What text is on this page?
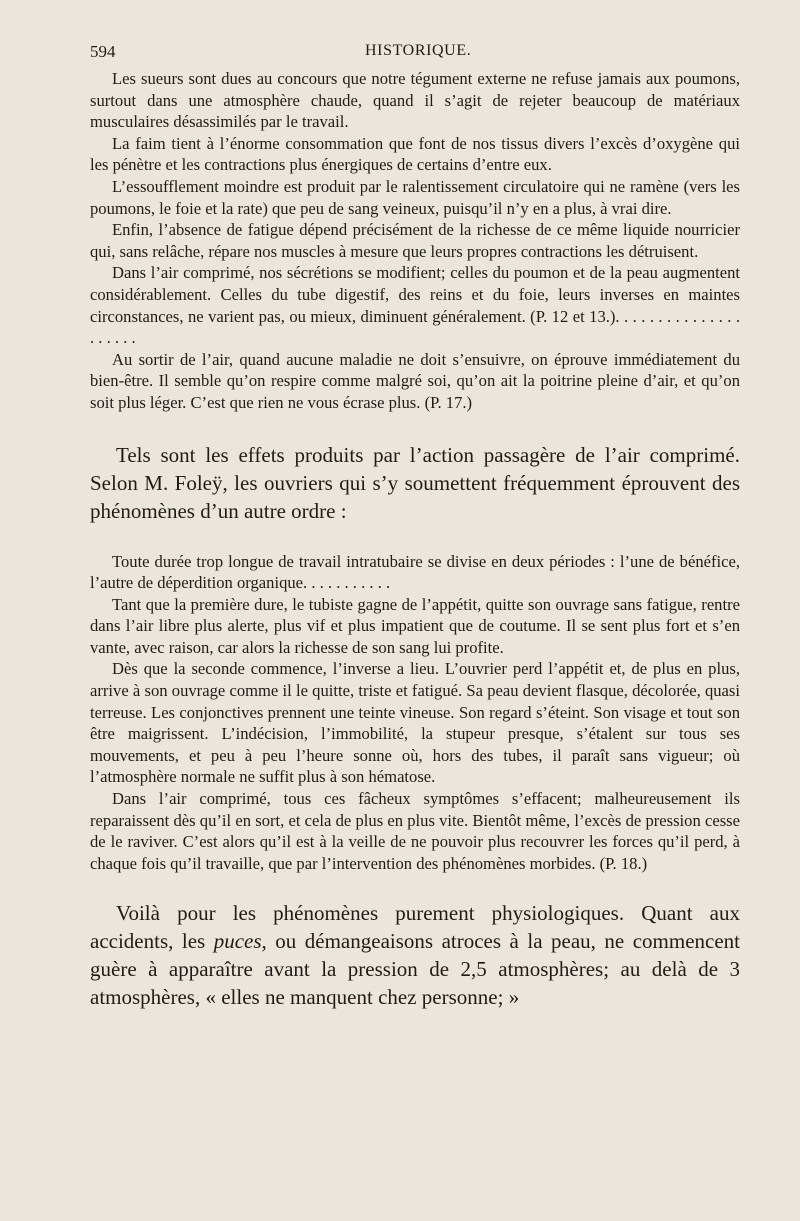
594	HISTORIQUE.

Les sueurs sont dues au concours que notre tégument externe ne refuse jamais aux poumons, surtout dans une atmosphère chaude, quand il s’agit de rejeter beaucoup de matériaux musculaires désassimilés par le travail.

La faim tient à l’énorme consommation que font de nos tissus divers l’excès d’oxygène qui les pénètre et les contractions plus énergiques de certains d’entre eux.

L’essoufflement moindre est produit par le ralentissement circulatoire qui ne ramène (vers les poumons, le foie et la rate) que peu de sang veineux, puisqu’il n’y en a plus, à vrai dire.

Enfin, l’absence de fatigue dépend précisément de la richesse de ce même liquide nourricier qui, sans relâche, répare nos muscles à mesure que leurs propres contractions les détruisent.

Dans l’air comprimé, nos sécrétions se modifient; celles du poumon et de la peau augmentent considérablement. Celles du tube digestif, des reins et du foie, leurs inverses en maintes circonstances, ne varient pas, ou mieux, diminuent généralement. (P. 12 et 13.). . . . . . . . . . . . . . . . . . . . .

Au sortir de l’air, quand aucune maladie ne doit s’ensuivre, on éprouve immédiatement du bien-être. Il semble qu’on respire comme malgré soi, qu’on ait la poitrine pleine d’air, et qu’on soit plus léger. C’est que rien ne vous écrase plus. (P. 17.)

Tels sont les effets produits par l’action passagère de l’air comprimé. Selon M. Foleÿ, les ouvriers qui s’y soumettent fréquemment éprouvent des phénomènes d’un autre ordre :

Toute durée trop longue de travail intratubaire se divise en deux périodes : l’une de bénéfice, l’autre de déperdition organique. . . . . . . . . . .

Tant que la première dure, le tubiste gagne de l’appétit, quitte son ouvrage sans fatigue, rentre dans l’air libre plus alerte, plus vif et plus impatient que de coutume. Il se sent plus fort et s’en vante, avec raison, car alors la richesse de son sang lui profite.

Dès que la seconde commence, l’inverse a lieu. L’ouvrier perd l’appétit et, de plus en plus, arrive à son ouvrage comme il le quitte, triste et fatigué. Sa peau devient flasque, décolorée, quasi terreuse. Les conjonctives prennent une teinte vineuse. Son regard s’éteint. Son visage et tout son être maigrissent. L’indécision, l’immobilité, la stupeur presque, s’étalent sur tous ses mouvements, et peu à peu l’heure sonne où, hors des tubes, il paraît sans vigueur; où l’atmosphère normale ne suffit plus à son hématose.

Dans l’air comprimé, tous ces fâcheux symptômes s’effacent; malheureusement ils reparaissent dès qu’il en sort, et cela de plus en plus vite. Bientôt même, l’excès de pression cesse de le raviver. C’est alors qu’il est à la veille de ne pouvoir plus recouvrer les forces qu’il perd, à chaque fois qu’il travaille, que par l’intervention des phénomènes morbides. (P. 18.)

Voilà pour les phénomènes purement physiologiques. Quant aux accidents, les puces, ou démangeaisons atroces à la peau, ne commencent guère à apparaître avant la pression de 2,5 atmosphères; au delà de 3 atmosphères, « elles ne manquent chez personne; »
